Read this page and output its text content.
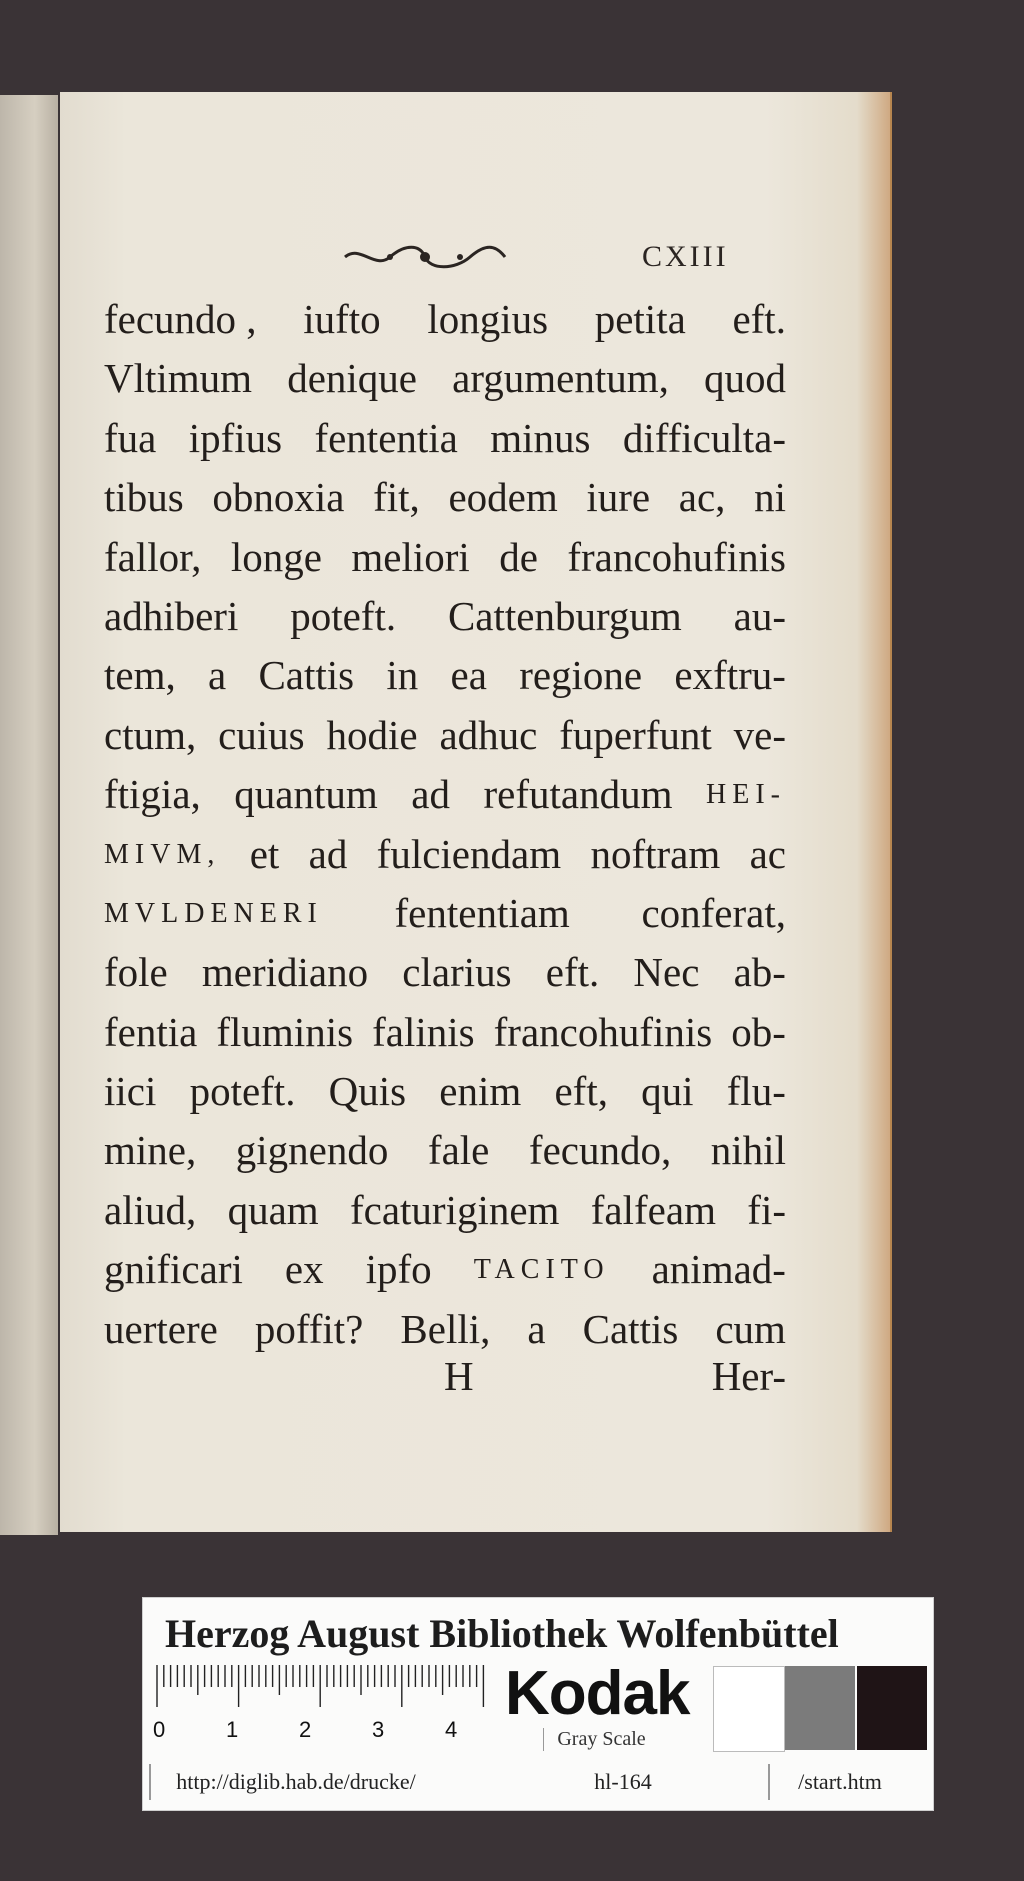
CXIII
fecundo , iufto longius petita eft.
Vltimum denique argumentum, quod
fua ipfius fententia minus difficulta-
tibus obnoxia fit, eodem iure ac, ni
fallor, longe meliori de francohufinis
adhiberi poteft. Cattenburgum au-
tem, a Cattis in ea regione exftru-
ctum, cuius hodie adhuc fuperfunt ve-
ftigia, quantum ad refutandum HEI-
MIVM, et ad fulciendam noftram ac
MVLDENERI fententiam conferat,
fole meridiano clarius eft. Nec ab-
fentia fluminis falinis francohufinis ob-
iici poteft. Quis enim eft, qui flu-
mine, gignendo fale fecundo, nihil
aliud, quam fcaturiginem falfeam fi-
gnificari ex ipfo TACITO animad-
uertere poffit? Belli, a Cattis cum
H	Her-
Herzog August Bibliothek Wolfenbüttel
0	1	2	3	4
Kodak
Gray Scale
http://diglib.hab.de/drucke/	hl-164	/start.htm
